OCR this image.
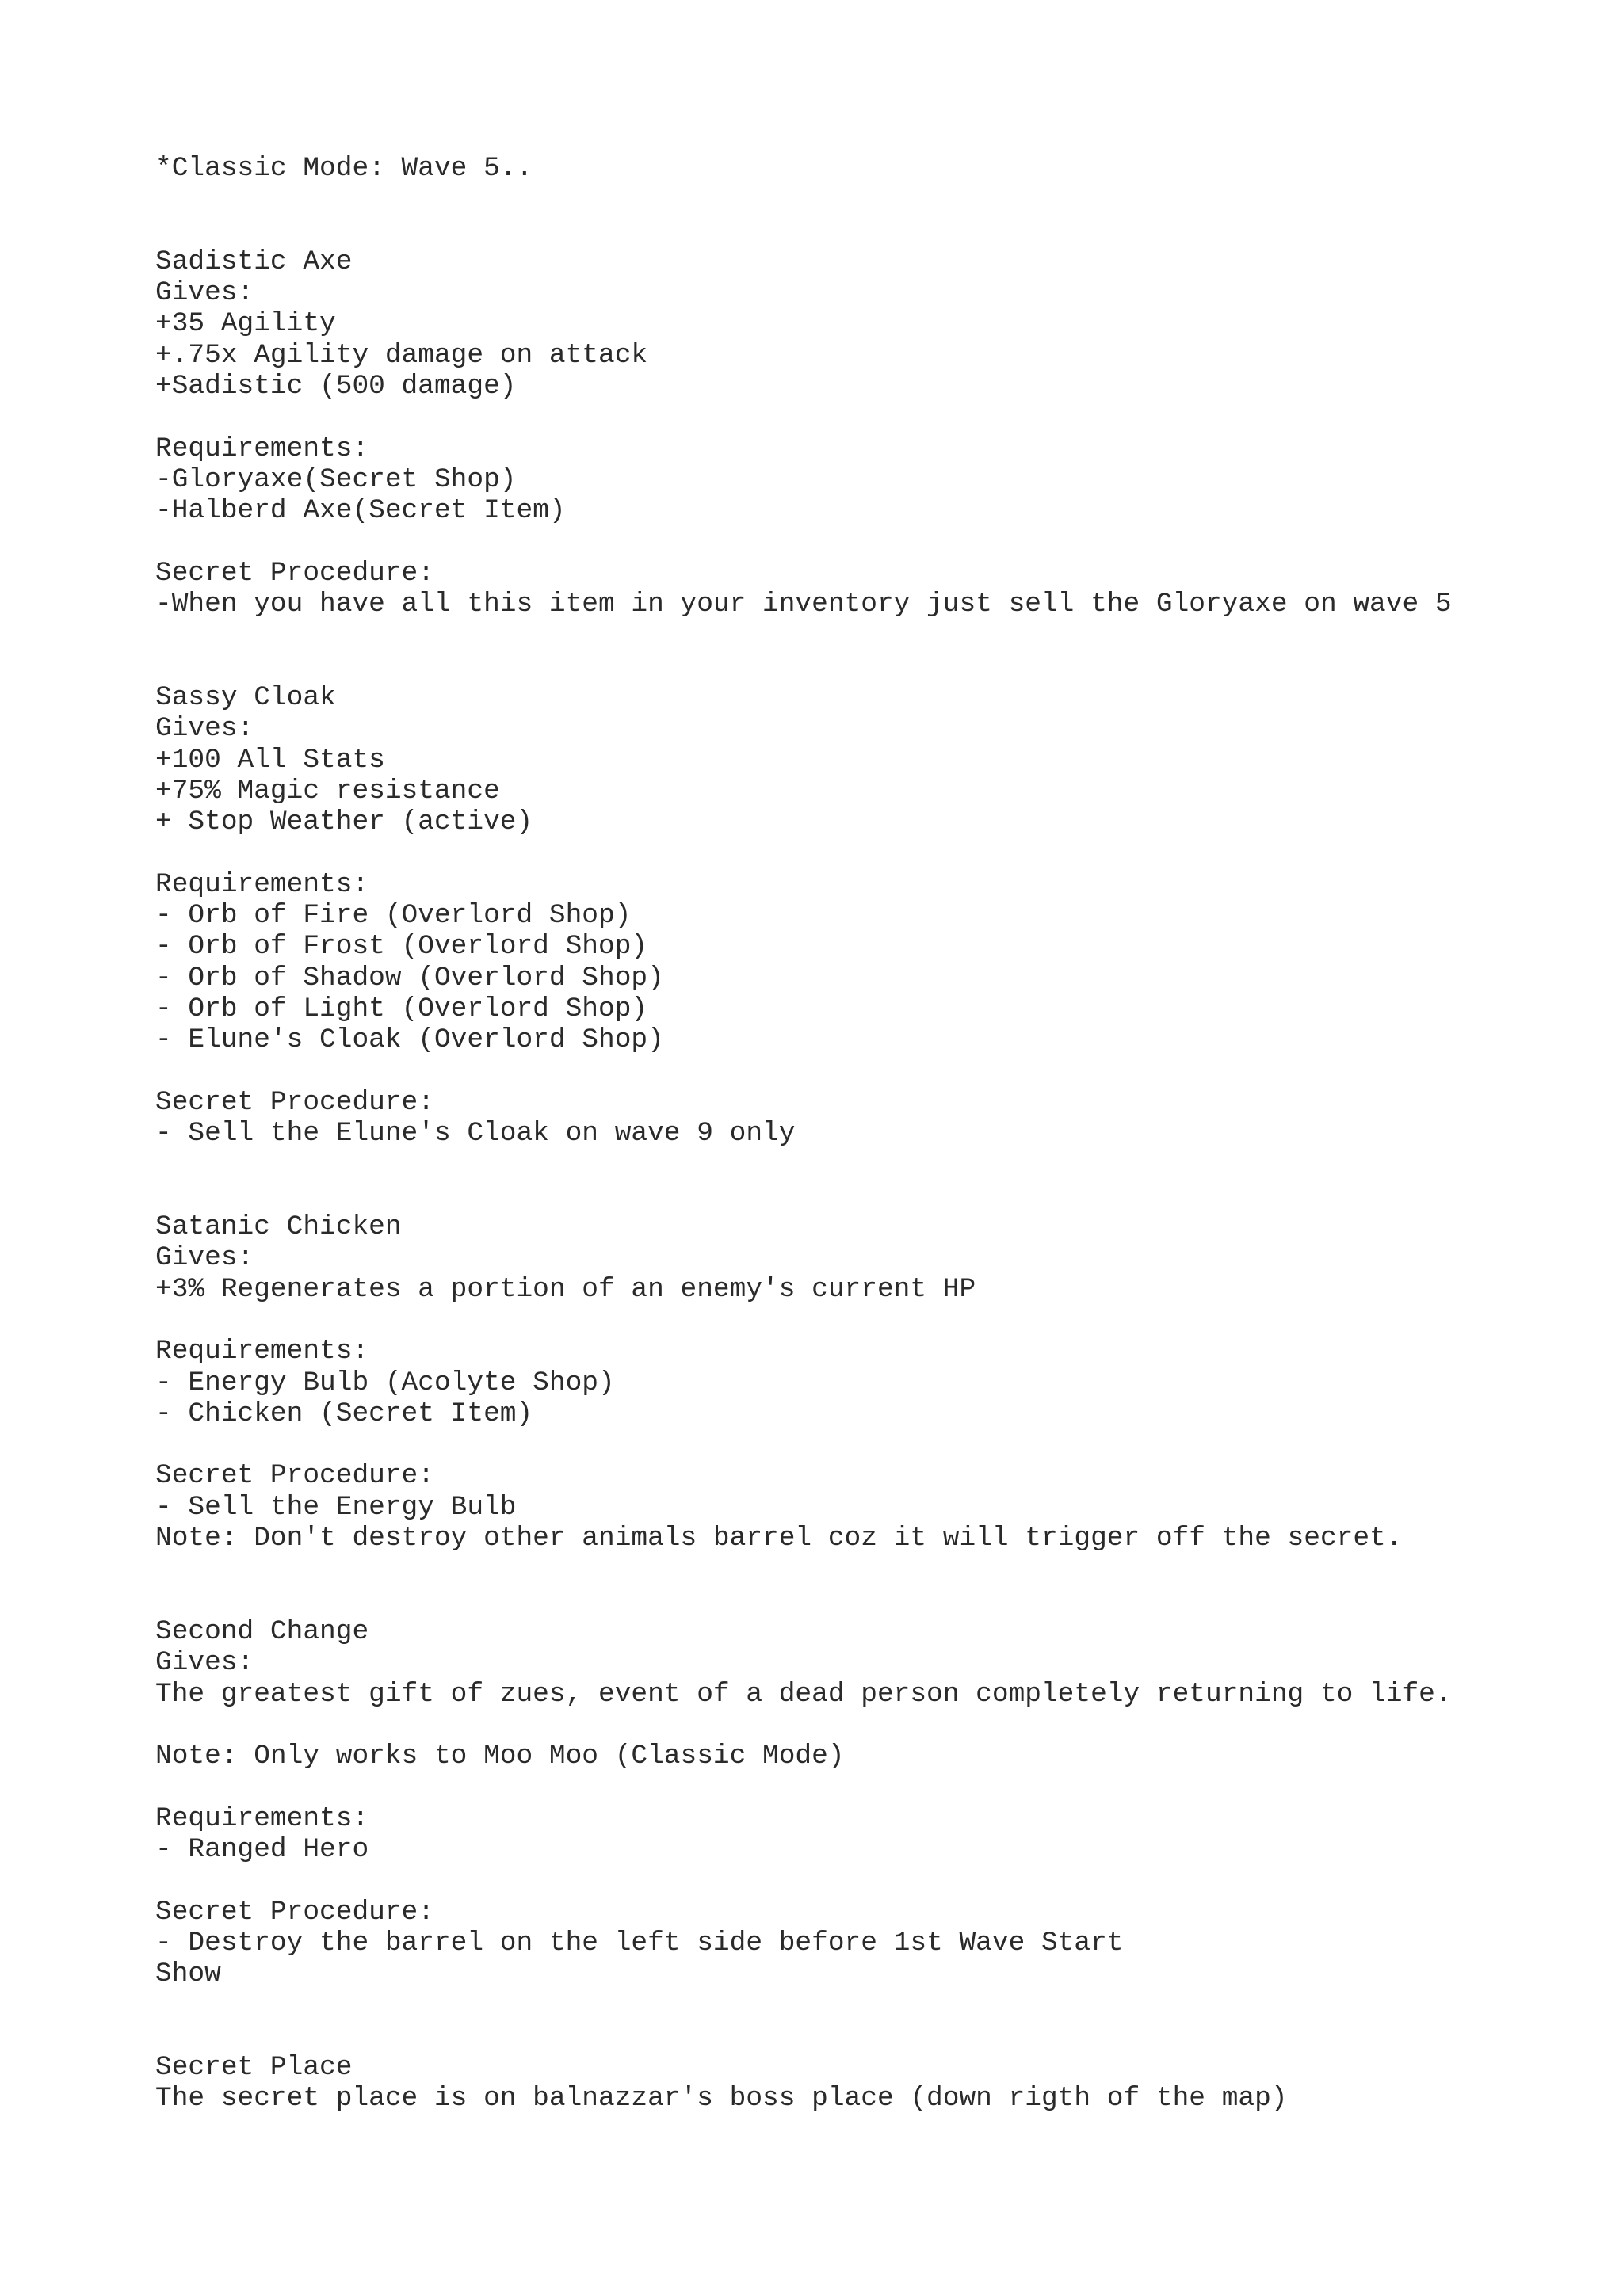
*Classic Mode: Wave 5..
Sadistic Axe
Gives:
+35 Agility
+.75x Agility damage on attack
+Sadistic (500 damage)
Requirements:
-Gloryaxe(Secret Shop)
-Halberd Axe(Secret Item)
Secret Procedure:
-When you have all this item in your inventory just sell the Gloryaxe on wave 5
Sassy Cloak
Gives:
+100 All Stats
+75% Magic resistance
+ Stop Weather (active)
Requirements:
- Orb of Fire (Overlord Shop)
- Orb of Frost (Overlord Shop)
- Orb of Shadow (Overlord Shop)
- Orb of Light (Overlord Shop)
- Elune's Cloak (Overlord Shop)
Secret Procedure:
- Sell the Elune's Cloak on wave 9 only
Satanic Chicken
Gives:
+3% Regenerates a portion of an enemy's current HP
Requirements:
- Energy Bulb (Acolyte Shop)
- Chicken (Secret Item)
Secret Procedure:
- Sell the Energy Bulb
Note: Don't destroy other animals barrel coz it will trigger off the secret.
Second Change
Gives:
The greatest gift of zues, event of a dead person completely returning to life.
Note: Only works to Moo Moo (Classic Mode)
Requirements:
- Ranged Hero
Secret Procedure:
- Destroy the barrel on the left side before 1st Wave Start
Show
Secret Place
The secret place is on balnazzar's boss place (down rigth of the map)
